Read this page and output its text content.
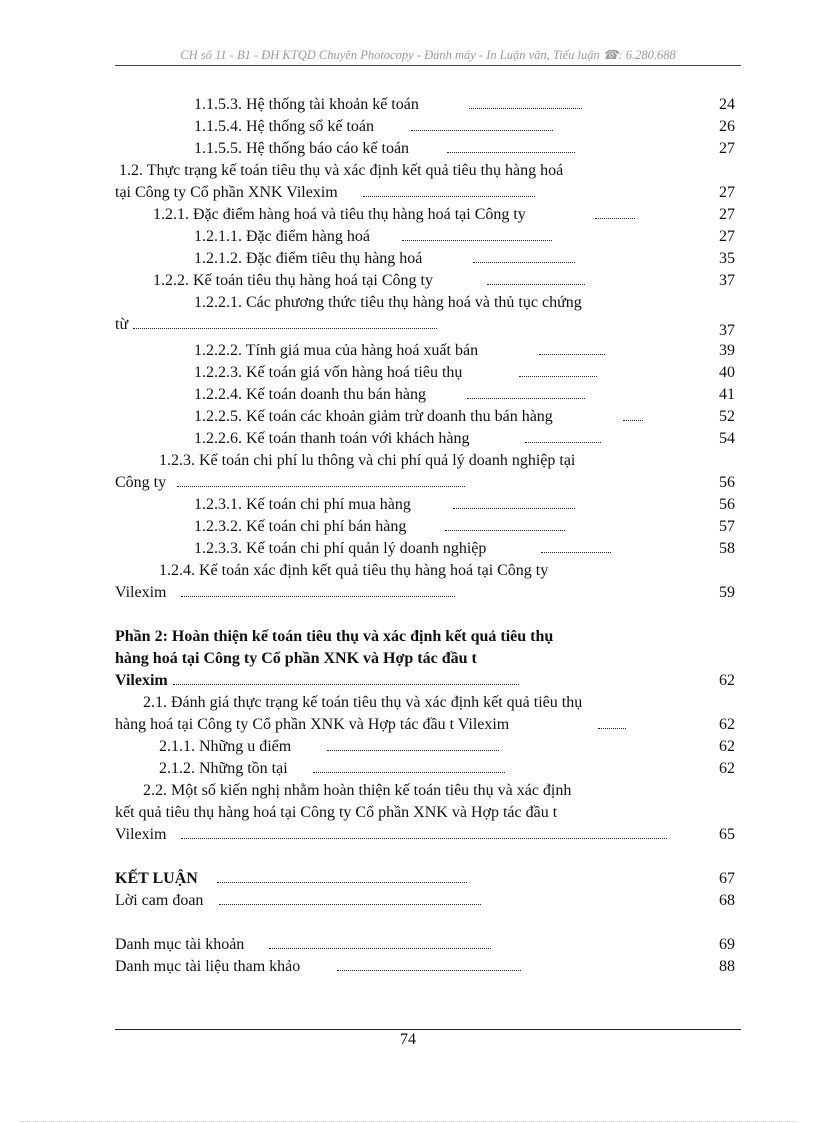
CH số 11 - B1 - ĐH KTQD Chuyên Photocopy - Đánh máy - In Luận văn, Tiểu luận ☎: 6.280.688
1.1.5.3. Hệ thống tài khoản kế toán	24
1.1.5.4. Hệ thống sổ kế toán	26
1.1.5.5. Hệ thống báo cáo kế toán	27
1.2. Thực trạng kế toán tiêu thụ và xác định kết quả tiêu thụ hàng hoá
tại Công ty Cổ phần XNK Vilexim	27
1.2.1. Đặc điểm hàng hoá và tiêu thụ hàng hoá tại Công ty	27
1.2.1.1. Đặc điểm hàng hoá	27
1.2.1.2. Đặc điểm tiêu thụ hàng hoá	35
1.2.2. Kế toán tiêu thụ hàng hoá tại Công ty	37
1.2.2.1. Các phương thức tiêu thụ hàng hoá và thủ tục chứng
từ	37
1.2.2.2. Tính giá mua của hàng hoá xuất bán	39
1.2.2.3. Kế toán giá vốn hàng hoá tiêu thụ	40
1.2.2.4. Kế toán doanh thu bán hàng	41
1.2.2.5. Kế toán các khoản giảm trừ doanh thu bán hàng	52
1.2.2.6. Kế toán thanh toán với khách hàng	54
1.2.3. Kế toán chi phí lu thông và chi phí quả lý doanh nghiệp tại
Công ty	56
1.2.3.1. Kế toán chi phí mua hàng	56
1.2.3.2. Kế toán chi phí bán hàng	57
1.2.3.3. Kế toán chi phí quản lý doanh nghiệp	58
1.2.4. Kế toán xác định kết quả tiêu thụ hàng hoá tại Công ty
Vilexim	59
Phần 2: Hoàn thiện kế toán tiêu thụ và xác định kết quả tiêu thụ
hàng hoá tại Công ty Cổ phần XNK và Hợp tác đầu t
Vilexim	62
2.1. Đánh giá thực trạng kế toán tiêu thụ và xác định kết quả tiêu thụ
hàng hoá tại Công ty Cổ phần XNK và Hợp tác đầu t Vilexim	62
2.1.1. Những u điểm	62
2.1.2. Những tồn tại	62
2.2. Một số kiến nghị nhằm hoàn thiện kế toán tiêu thụ và xác định
kết quả tiêu thụ hàng hoá tại Công ty Cổ phần XNK và Hợp tác đầu t
Vilexim	65
KẾT LUẬN	67
Lời cam đoan	68
Danh mục tài khoản	69
Danh mục tài liệu tham khảo	88
74
